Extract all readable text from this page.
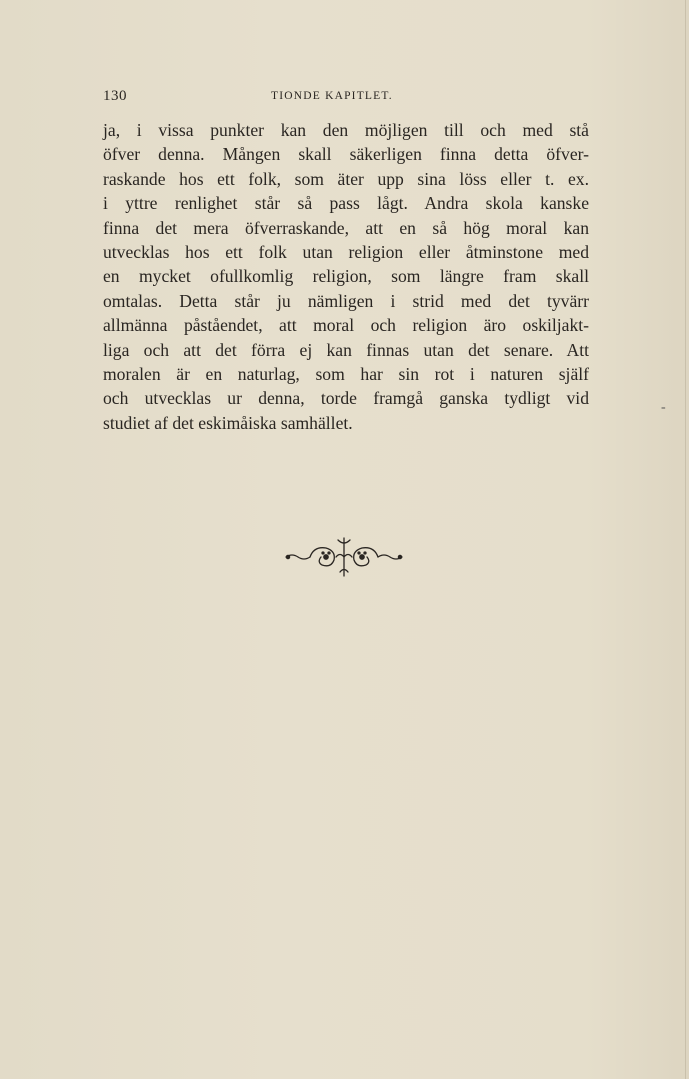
130	TIONDE KAPITLET.
ja, i vissa punkter kan den möjligen till och med stå
öfver denna. Mången skall säkerligen finna detta öfver-
raskande hos ett folk, som äter upp sina löss eller t. ex.
i yttre renlighet står så pass lågt. Andra skola kanske
finna det mera öfverraskande, att en så hög moral kan
utvecklas hos ett folk utan religion eller åtminstone med
en mycket ofullkomlig religion, som längre fram skall
omtalas. Detta står ju nämligen i strid med det tyvärr
allmänna påståendet, att moral och religion äro oskiljakt-
liga och att det förra ej kan finnas utan det senare. Att
moralen är en naturlag, som har sin rot i naturen själf
och utvecklas ur denna, torde framgå ganska tydligt vid
studiet af det eskimåiska samhället.
-
